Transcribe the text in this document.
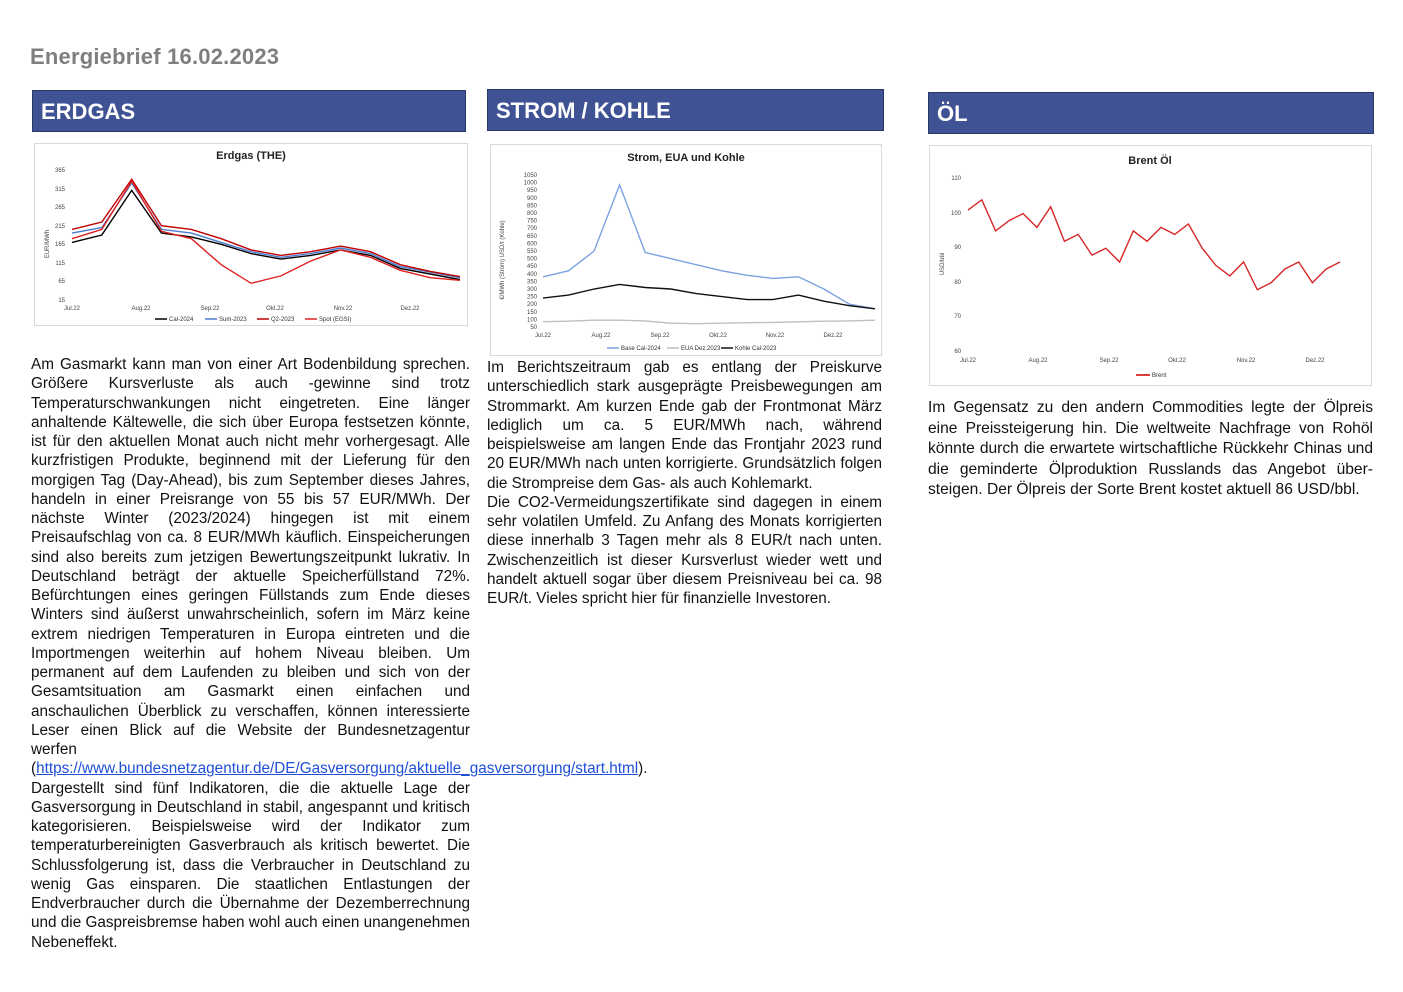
Energiebrief 16.02.2023
ERDGAS
Erdgas (THE)
EUR/MWh
365
315
265
215
165
115
65
15
Jul.22	Aug.22	Sep.22	Okt.22	Nov.22	Dez.22
Cal-2024	Sum-2023	Q2-2023	Spot (EGSI)

Am Gasmarkt kann man von einer Art Bodenbildung sprechen. Größere Kursverluste als auch -gewinne sind trotz Temperaturschwankungen nicht eingetreten. Eine länger anhaltende Kältewelle, die sich über Europa festsetzen könnte, ist für den aktuellen Monat auch nicht mehr vorhergesagt. Alle kurzfristigen Produkte, beginnend mit der Lieferung für den morgigen Tag (Day-Ahead), bis zum September dieses Jahres, handeln in einer Preisrange von 55 bis 57 EUR/MWh. Der nächste Winter (2023/2024) hingegen ist mit einem Preisaufschlag von ca. 8 EUR/MWh käuflich. Einspeicherungen sind also bereits zum jetzigen Bewertungszeitpunkt lukrativ. In Deutschland beträgt der aktuelle Speicherfüllstand 72%. Befürchtungen eines geringen Füllstands zum Ende dieses Winters sind äußerst unwahrscheinlich, sofern im März keine extrem niedrigen Temperaturen in Europa eintreten und die Importmengen weiterhin auf hohem Niveau bleiben. Um permanent auf dem Laufenden zu bleiben und sich von der Gesamtsituation am Gasmarkt einen einfachen und anschaulichen Überblick zu verschaffen, können interessierte Leser einen Blick auf die Website der Bundesnetzagentur werfen (https://www.bundesnetzagentur.de/DE/Gasversorgung/aktuelle_gasversorgung/start.html). Dargestellt sind fünf Indikatoren, die die aktuelle Lage der Gasversorgung in Deutschland in stabil, angespannt und kritisch kategorisieren. Beispielsweise wird der Indikator zum temperaturbereinigten Gasverbrauch als kritisch bewertet. Die Schlussfolgerung ist, dass die Verbraucher in Deutschland zu wenig Gas einsparen. Die staatlichen Entlastungen der Endverbraucher durch die Übernahme der Dezemberrechnung und die Gaspreisbremse haben wohl auch einen unangenehmen Nebeneffekt.

STROM / KOHLE
Strom, EUA und Kohle
€/MWh (Strom) USD/t (Kohle)
1050
1000
950
900
850
800
750
700
650
600
550
500
450
400
350
300
250
200
150
100
50
Jul.22	Aug.22	Sep.22	Okt.22	Nov.22	Dez.22
Base Cal-2024	EUA Dez.2023 Kohle Cal-2023

Im Berichtszeitraum gab es entlang der Preiskurve unterschiedlich stark ausgeprägte Preisbewegungen am Strommarkt. Am kurzen Ende gab der Frontmonat März lediglich um ca. 5 EUR/MWh nach, während beispielsweise am langen Ende das Frontjahr 2023 rund 20 EUR/MWh nach unten korrigierte. Grundsätzlich folgen die Strompreise dem Gas- als auch Kohlemarkt.

Die CO2-Vermeidungszertifikate sind dagegen in einem sehr volatilen Umfeld. Zu Anfang des Monats korrigierten diese innerhalb 3 Tagen mehr als 8 EUR/t nach unten. Zwischenzeitlich ist dieser Kursverlust wieder wett und handelt aktuell sogar über diesem Preisniveau bei ca. 98 EUR/t. Vieles spricht hier für finanzielle Investoren.

ÖL
Brent Öl
USD/bbl
110
100
90
80
70
60
Jul.22	Aug.22	Sep.22	Okt.22	Nov.22	Dez.22
Brent

Im Gegensatz zu den andern Commodities legte der Ölpreis eine Preissteigerung hin. Die weltweite Nachfrage von Rohöl könnte durch die erwartete wirtschaftliche Rückkehr Chinas und die geminderte Ölproduktion Russlands das Angebot über-steigen. Der Ölpreis der Sorte Brent kostet aktuell 86 USD/bbl.
